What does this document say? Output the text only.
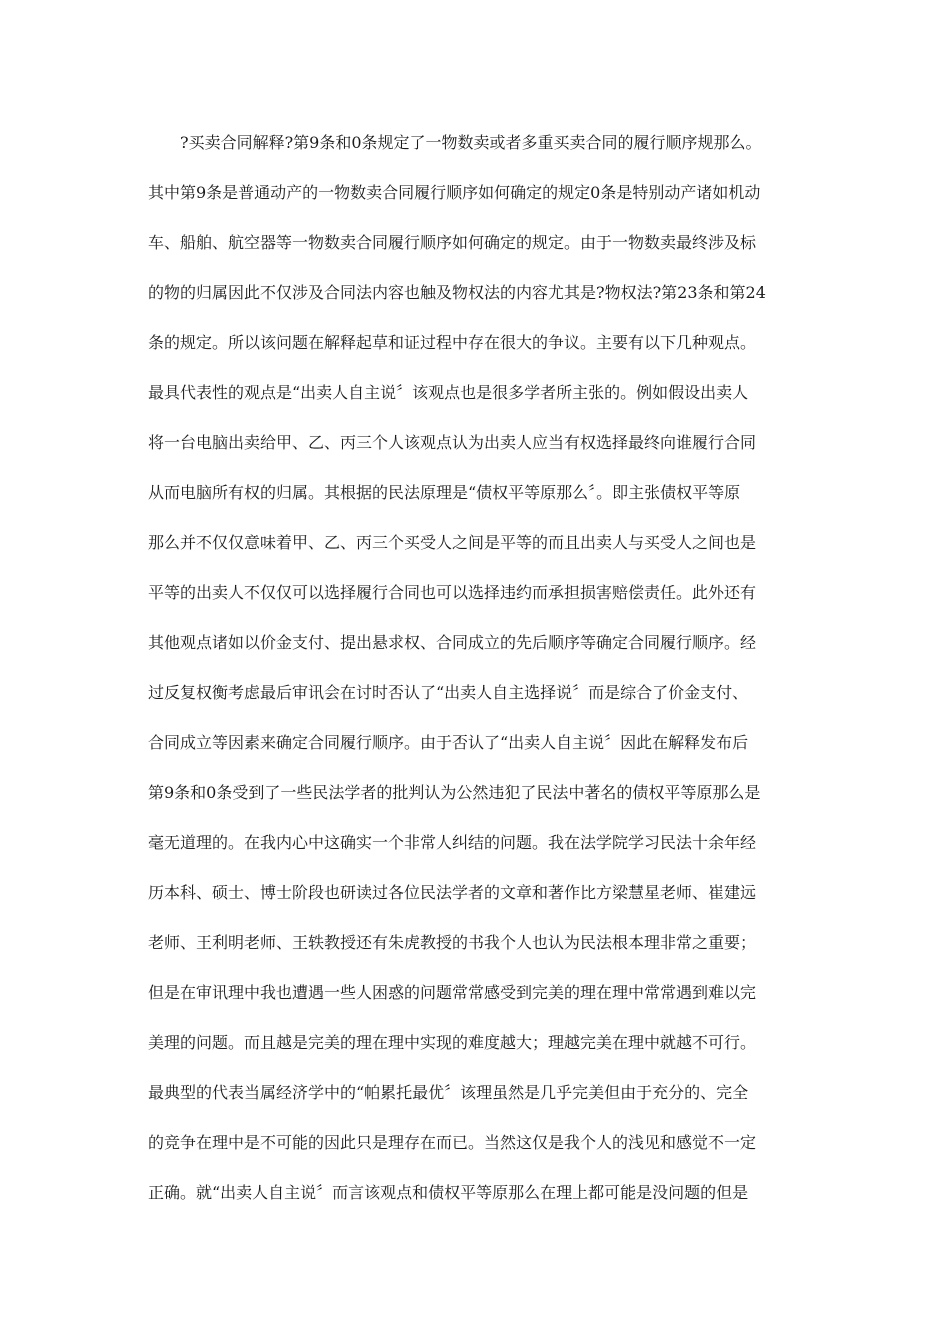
　　?买卖合同解释?第9条和0条规定了一物数卖或者多重买卖合同的履行顺序规那么。
其中第9条是普通动产的一物数卖合同履行顺序如何确定的规定0条是特别动产诸如机动
车、船舶、航空器等一物数卖合同履行顺序如何确定的规定。由于一物数卖最终涉及标
的物的归属因此不仅涉及合同法内容也触及物权法的内容尤其是?物权法?第23条和第24
条的规定。所以该问题在解释起草和证过程中存在很大的争议。主要有以下几种观点。
最具代表性的观点是“出卖人自主说〞该观点也是很多学者所主张的。例如假设出卖人
将一台电脑出卖给甲、乙、丙三个人该观点认为出卖人应当有权选择最终向谁履行合同
从而电脑所有权的归属。其根据的民法原理是“债权平等原那么〞。即主张债权平等原
那么并不仅仅意味着甲、乙、丙三个买受人之间是平等的而且出卖人与买受人之间也是
平等的出卖人不仅仅可以选择履行合同也可以选择违约而承担损害赔偿责任。此外还有
其他观点诸如以价金支付、提出悬求权、合同成立的先后顺序等确定合同履行顺序。经
过反复权衡考虑最后审讯会在讨时否认了“出卖人自主选择说〞而是综合了价金支付、
合同成立等因素来确定合同履行顺序。由于否认了“出卖人自主说〞因此在解释发布后
第9条和0条受到了一些民法学者的批判认为公然违犯了民法中著名的债权平等原那么是
毫无道理的。在我内心中这确实一个非常人纠结的问题。我在法学院学习民法十余年经
历本科、硕士、博士阶段也研读过各位民法学者的文章和著作比方梁慧星老师、崔建远
老师、王利明老师、王轶教授还有朱虎教授的书我个人也认为民法根本理非常之重要；
但是在审讯理中我也遭遇一些人困惑的问题常常感受到完美的理在理中常常遇到难以完
美理的问题。而且越是完美的理在理中实现的难度越大；理越完美在理中就越不可行。
最典型的代表当属经济学中的“帕累托最优〞该理虽然是几乎完美但由于充分的、完全
的竞争在理中是不可能的因此只是理存在而已。当然这仅是我个人的浅见和感觉不一定
正确。就“出卖人自主说〞而言该观点和债权平等原那么在理上都可能是没问题的但是
